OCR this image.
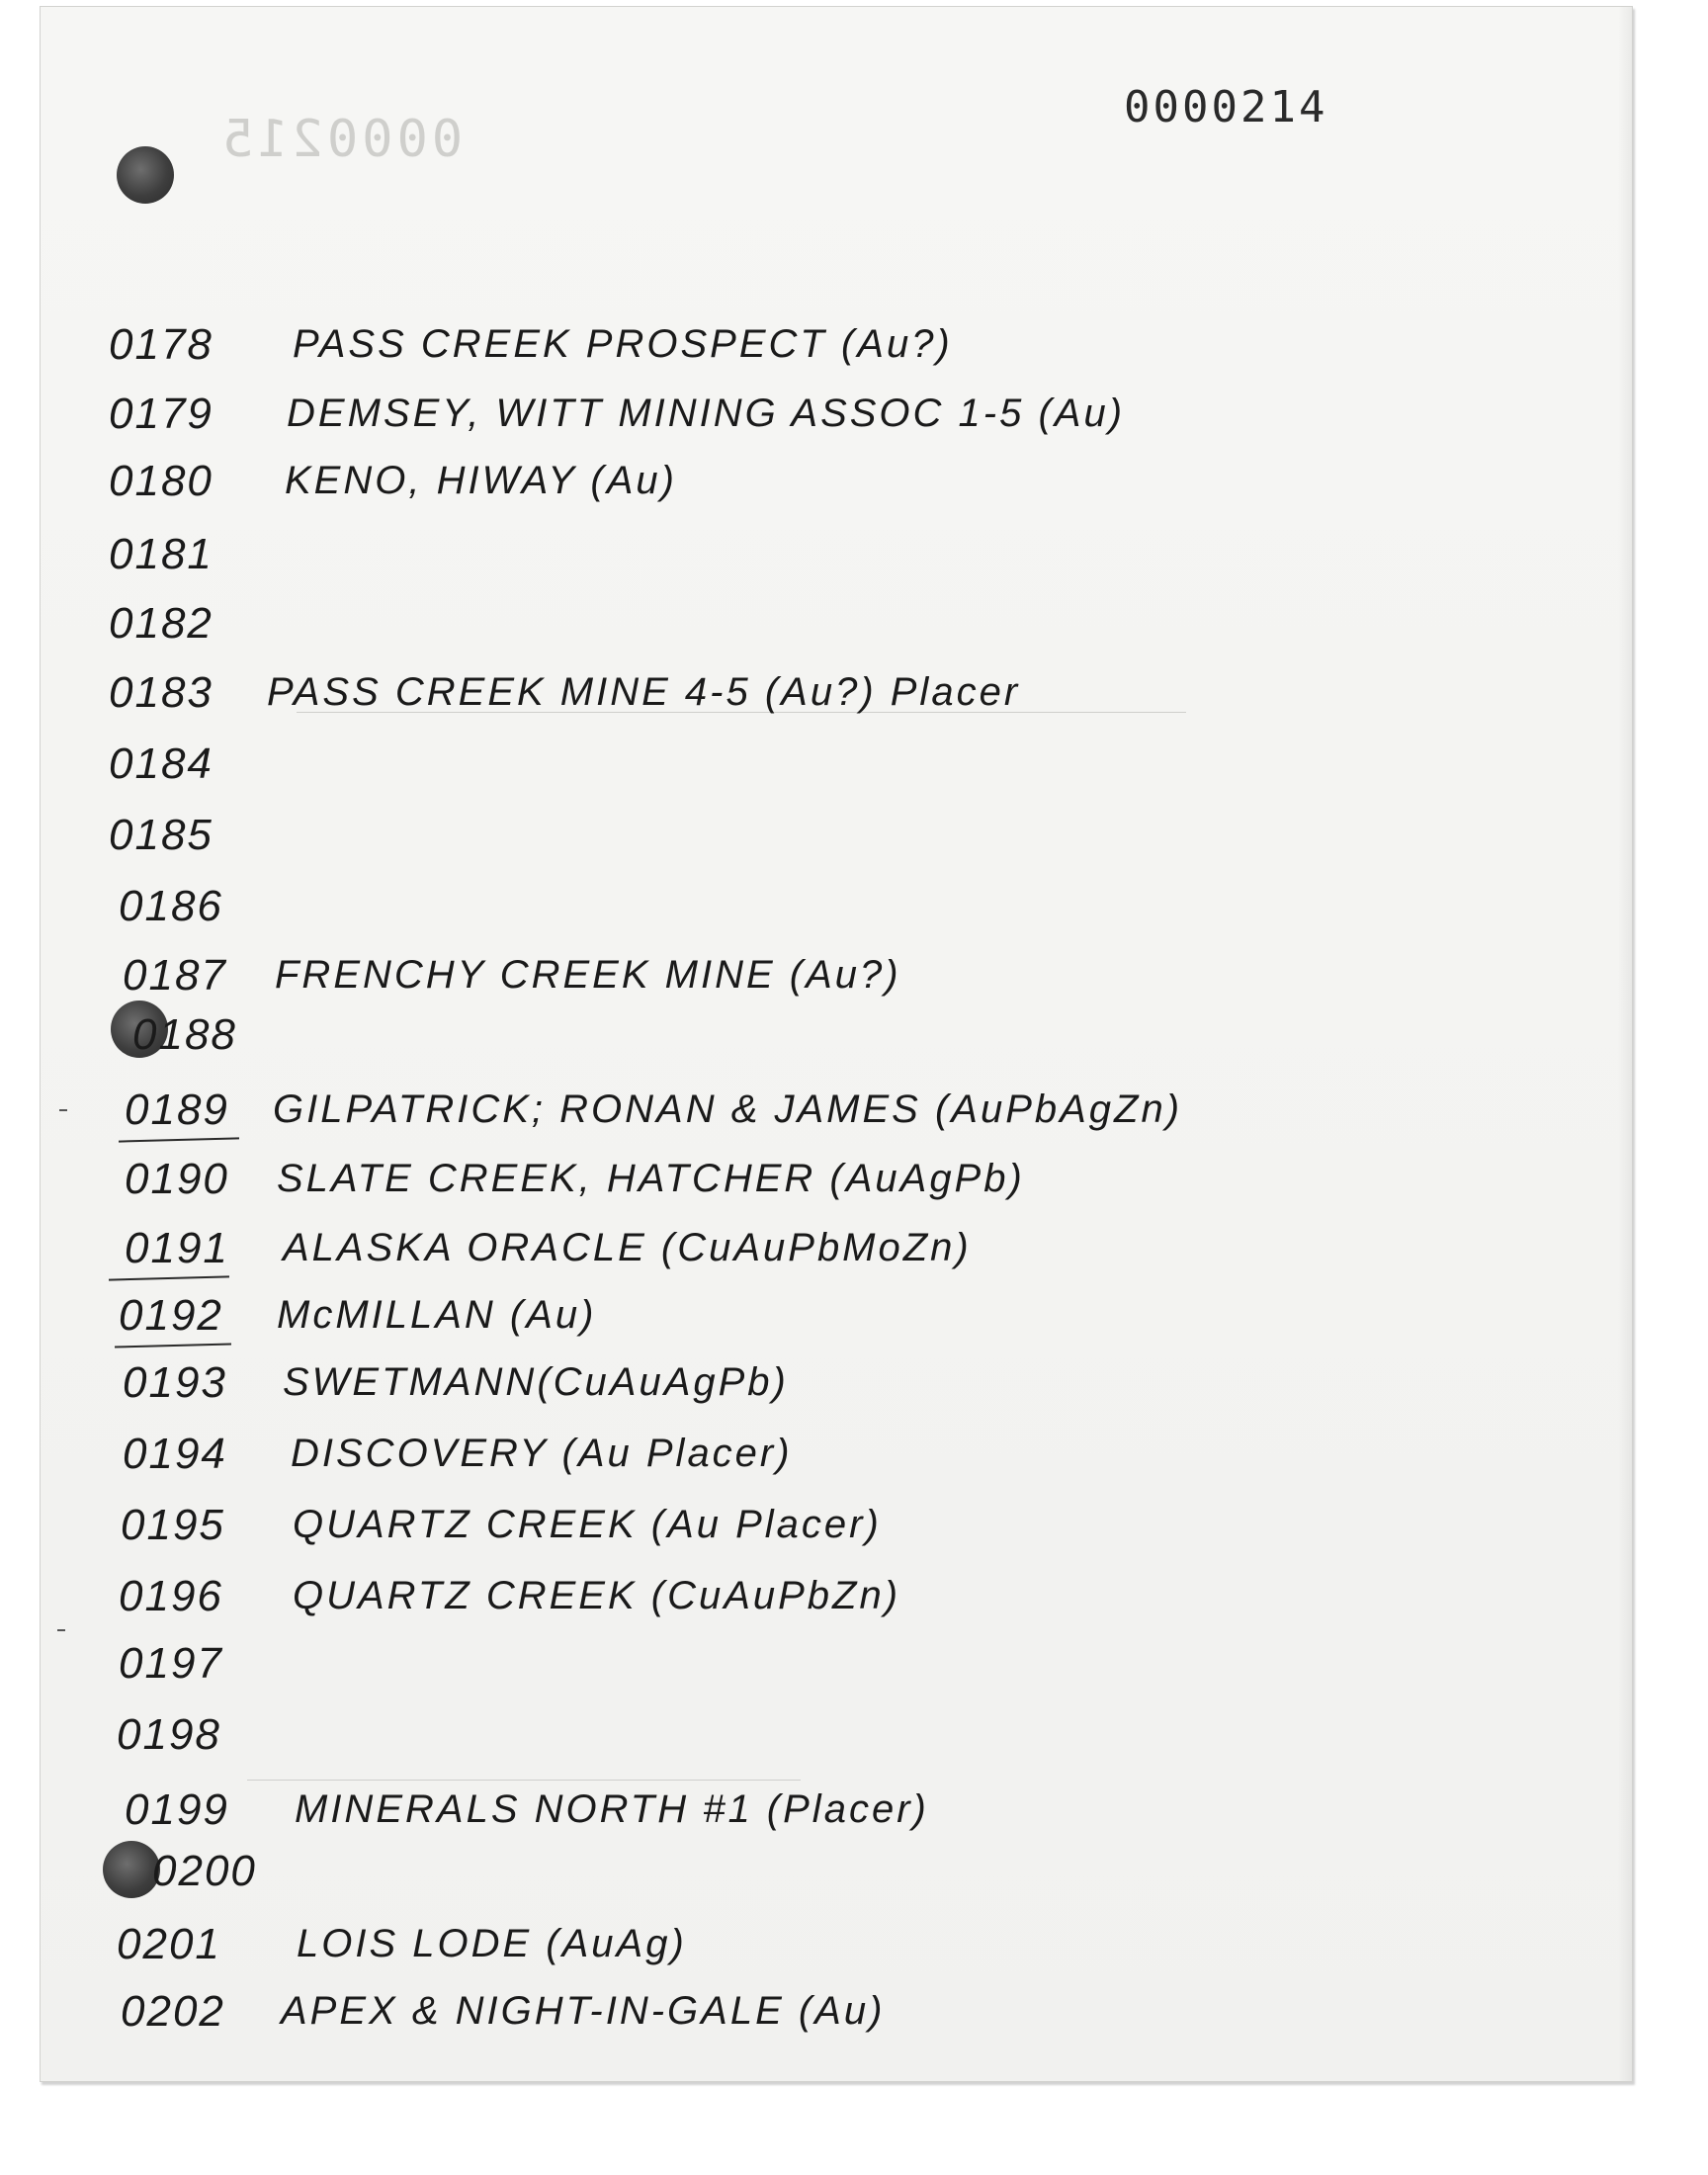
0000215
0000214
0178 PASS CREEK PROSPECT (Au?)
0179 DEMSEY, WITT MINING ASSOC 1-5 (Au)
0180 KENO, HIWAY (Au)
0181
0182
0183 PASS CREEK MINE 4-5 (Au?) Placer
0184
0185
0186
0187 FRENCHY CREEK MINE (Au?)
0188
0189 GILPATRICK; RONAN & JAMES (AuPbAgZn)
0190 SLATE CREEK, HATCHER (AuAgPb)
0191 ALASKA ORACLE (CuAuPbMoZn)
0192 McMILLAN (Au)
0193 SWETMANN(CuAuAgPb)
0194 DISCOVERY (Au Placer)
0195 QUARTZ CREEK (Au Placer)
0196 QUARTZ CREEK (CuAuPbZn)
0197
0198
0199 MINERALS NORTH #1 (Placer)
0200
0201 LOIS LODE (AuAg)
0202 APEX & NIGHT-IN-GALE (Au)
